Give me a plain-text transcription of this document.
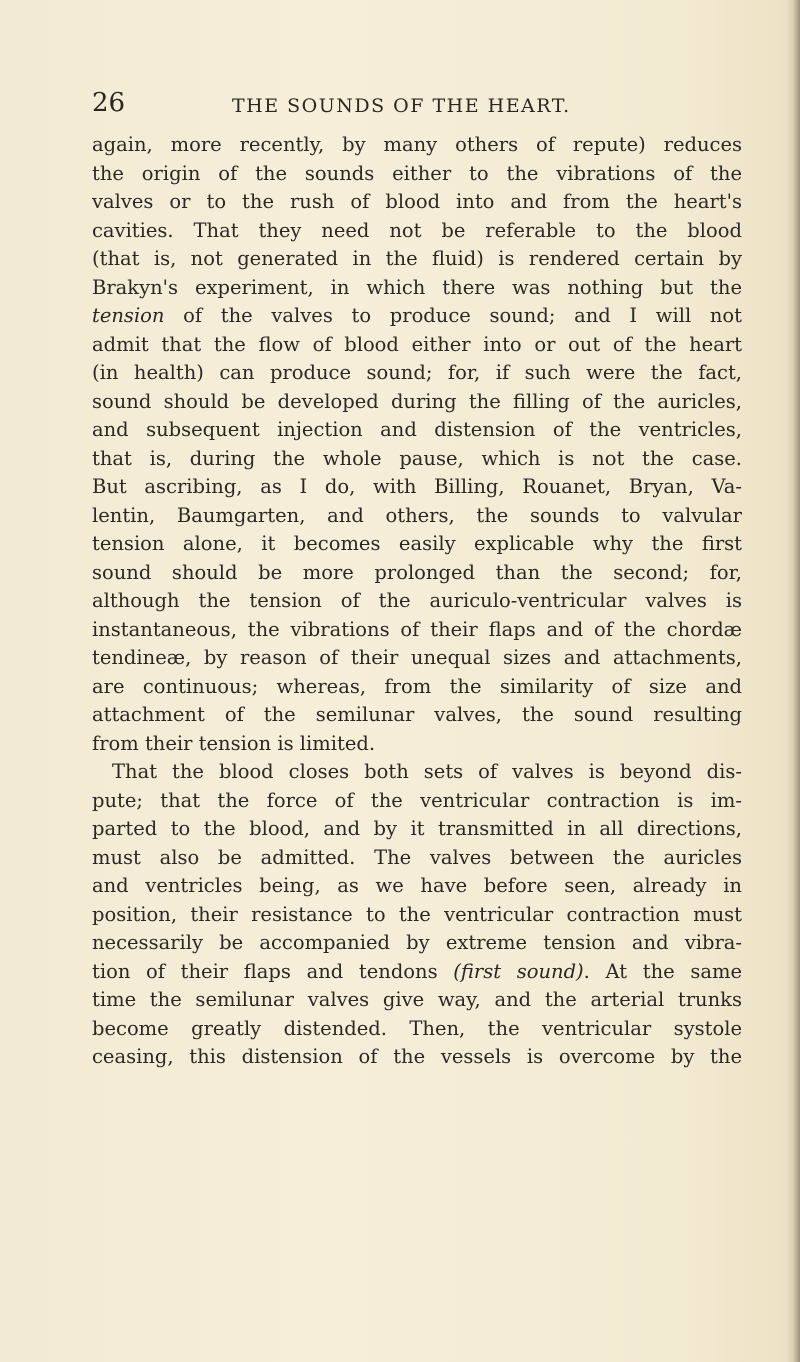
26	THE SOUNDS OF THE HEART.
again, more recently, by many others of repute) reduces
the origin of the sounds either to the vibrations of the
valves or to the rush of blood into and from the heart's
cavities. That they need not be referable to the blood
(that is, not generated in the fluid) is rendered certain by
Brakyn's experiment, in which there was nothing but the
tension of the valves to produce sound; and I will not
admit that the flow of blood either into or out of the heart
(in health) can produce sound; for, if such were the fact,
sound should be developed during the filling of the auricles,
and subsequent injection and distension of the ventricles,
that is, during the whole pause, which is not the case.
But ascribing, as I do, with Billing, Rouanet, Bryan, Va-
lentin, Baumgarten, and others, the sounds to valvular
tension alone, it becomes easily explicable why the first
sound should be more prolonged than the second; for,
although the tension of the auriculo-ventricular valves is
instantaneous, the vibrations of their flaps and of the chordæ
tendineæ, by reason of their unequal sizes and attachments,
are continuous; whereas, from the similarity of size and
attachment of the semilunar valves, the sound resulting
from their tension is limited.
That the blood closes both sets of valves is beyond dis-
pute; that the force of the ventricular contraction is im-
parted to the blood, and by it transmitted in all directions,
must also be admitted. The valves between the auricles
and ventricles being, as we have before seen, already in
position, their resistance to the ventricular contraction must
necessarily be accompanied by extreme tension and vibra-
tion of their flaps and tendons (first sound). At the same
time the semilunar valves give way, and the arterial trunks
become greatly distended. Then, the ventricular systole
ceasing, this distension of the vessels is overcome by the
